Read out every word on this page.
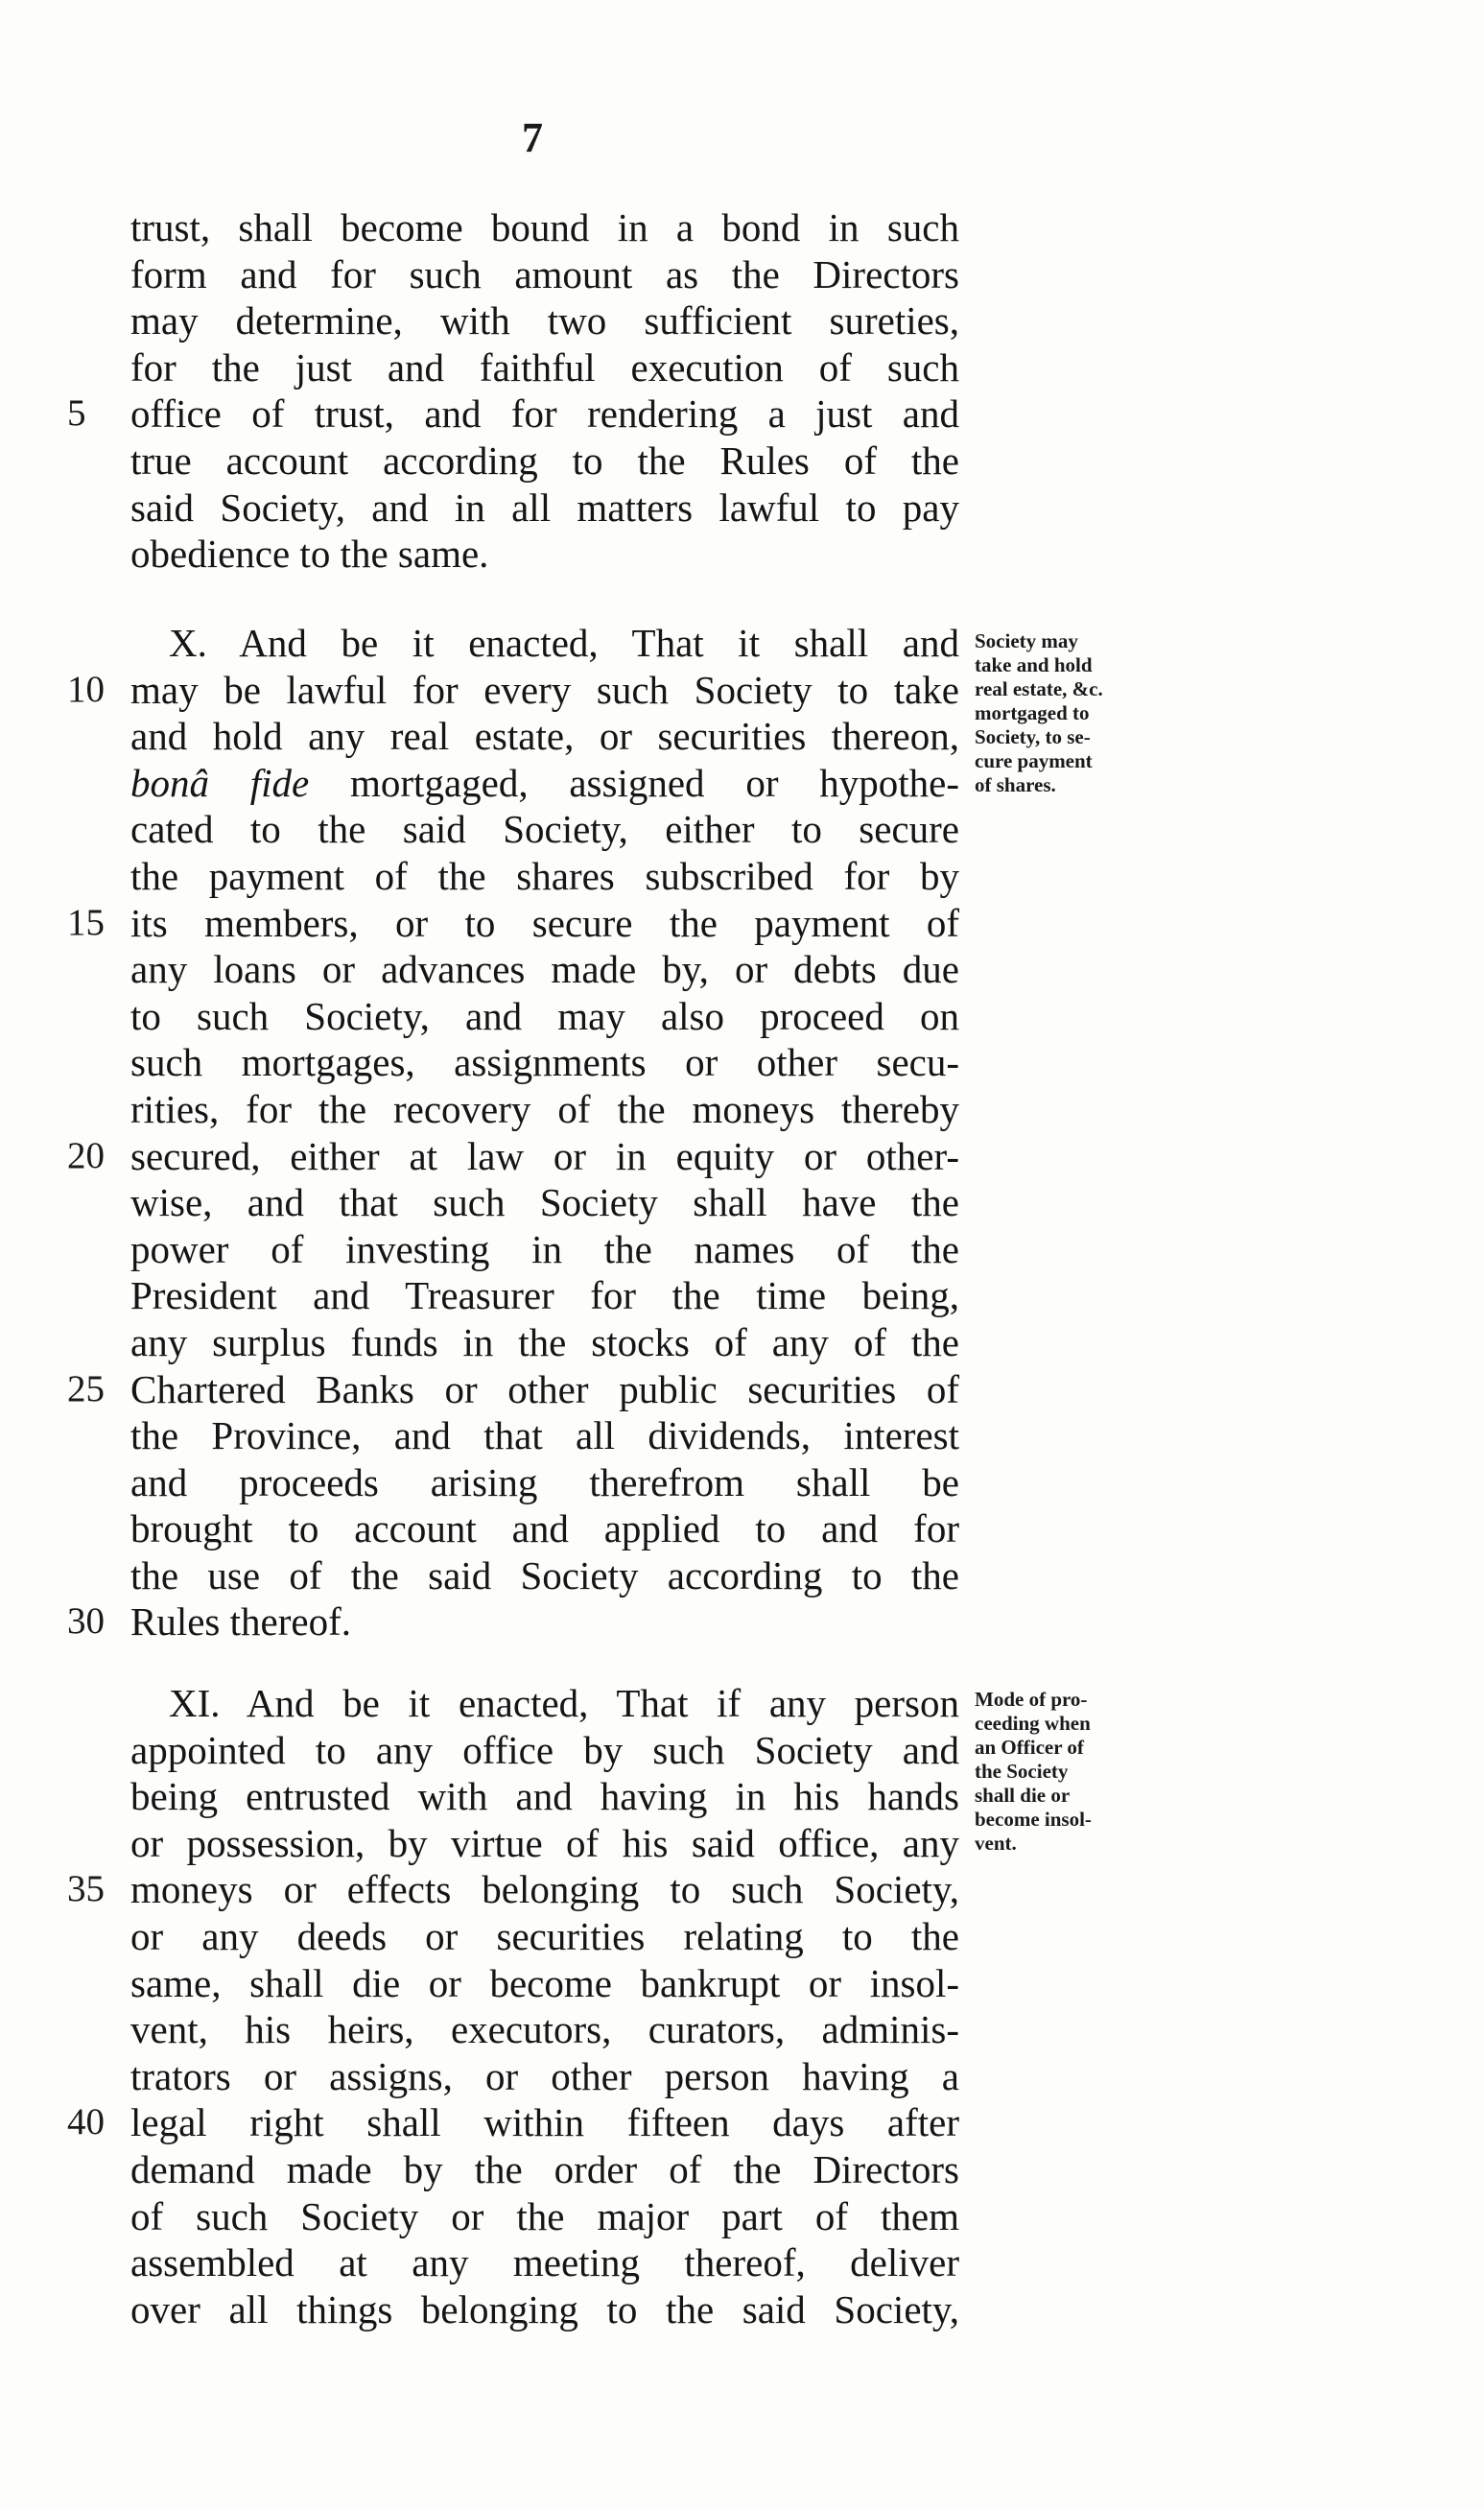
7
trust, shall become bound in a bond in such
form and for such amount as the Directors
may determine, with two sufficient sureties,
for the just and faithful execution of such
5	office of trust, and for rendering a just and
true account according to the Rules of the
said Society, and in all matters lawful to pay
obedience to the same.
X. And be it enacted, That it shall and
10 may be lawful for every such Society to take
and hold any real estate, or securities thereon,
bonâ fide mortgaged, assigned or hypothe-
cated to the said Society, either to secure
the payment of the shares subscribed for by
15 its members, or to secure the payment of
any loans or advances made by, or debts due
to such Society, and may also proceed on
such mortgages, assignments or other secu-
rities, for the recovery of the moneys thereby
20 secured, either at law or in equity or other-
wise, and that such Society shall have the
power of investing in the names of the
President and Treasurer for the time being,
any surplus funds in the stocks of any of the
25 Chartered Banks or other public securities of
the Province, and that all dividends, interest
and proceeds arising therefrom shall be
brought to account and applied to and for
the use of the said Society according to the
30 Rules thereof.
Society may
take and hold
real estate, &c.
mortgaged to
Society, to se-
cure payment
of shares.
XI. And be it enacted, That if any person
appointed to any office by such Society and
being entrusted with and having in his hands
or possession, by virtue of his said office, any
35 moneys or effects belonging to such Society,
or any deeds or securities relating to the
same, shall die or become bankrupt or insol-
vent, his heirs, executors, curators, adminis-
trators or assigns, or other person having a
40 legal right shall within fifteen days after
demand made by the order of the Directors
of such Society or the major part of them
assembled at any meeting thereof, deliver
over all things belonging to the said Society,
Mode of pro-
ceeding when
an Officer of
the Society
shall die or
become insol-
vent.
